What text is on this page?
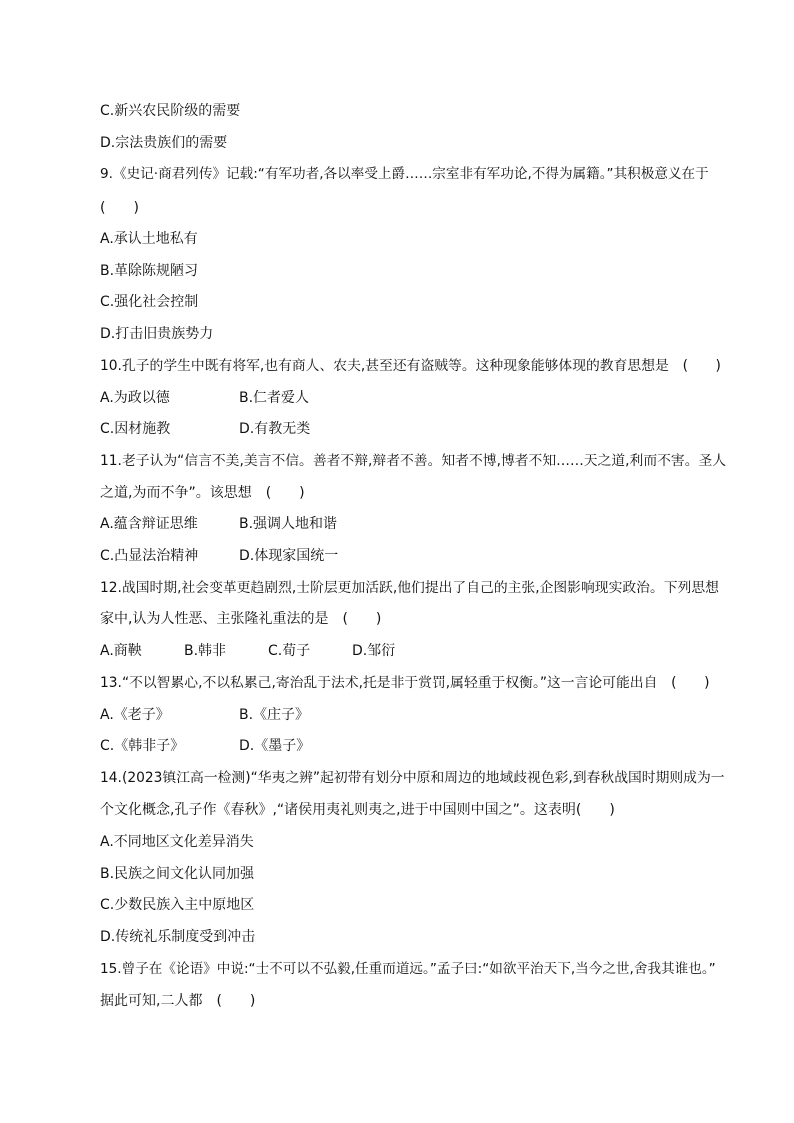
C.新兴农民阶级的需要
D.宗法贵族们的需要
9.《史记·商君列传》记载:“有军功者,各以率受上爵……宗室非有军功论,不得为属籍。”其积极意义在于
(　　)
A.承认土地私有
B.革除陈规陋习
C.强化社会控制
D.打击旧贵族势力
10.孔子的学生中既有将军,也有商人、农夫,甚至还有盗贼等。这种现象能够体现的教育思想是　(　　)
A.为政以德	B.仁者爱人
C.因材施教	D.有教无类
11.老子认为“信言不美,美言不信。善者不辩,辩者不善。知者不博,博者不知……天之道,利而不害。圣人
之道,为而不争”。该思想　(　　)
A.蕴含辩证思维	B.强调人地和谐
C.凸显法治精神	D.体现家国统一
12.战国时期,社会变革更趋剧烈,士阶层更加活跃,他们提出了自己的主张,企图影响现实政治。下列思想
家中,认为人性恶、主张隆礼重法的是　(　　)
A.商鞅	B.韩非	C.荀子	D.邹衍
13.“不以智累心,不以私累己,寄治乱于法术,托是非于赏罚,属轻重于权衡。”这一言论可能出自　(　　)
A.《老子》	B.《庄子》
C.《韩非子》	D.《墨子》
14.(2023镇江高一检测)“华夷之辨”起初带有划分中原和周边的地域歧视色彩,到春秋战国时期则成为一
个文化概念,孔子作《春秋》,“诸侯用夷礼则夷之,进于中国则中国之”。这表明(　　)
A.不同地区文化差异消失
B.民族之间文化认同加强
C.少数民族入主中原地区
D.传统礼乐制度受到冲击
15.曾子在《论语》中说:“士不可以不弘毅,任重而道远。”孟子曰:“如欲平治天下,当今之世,舍我其谁也。”
据此可知,二人都　(　　)
